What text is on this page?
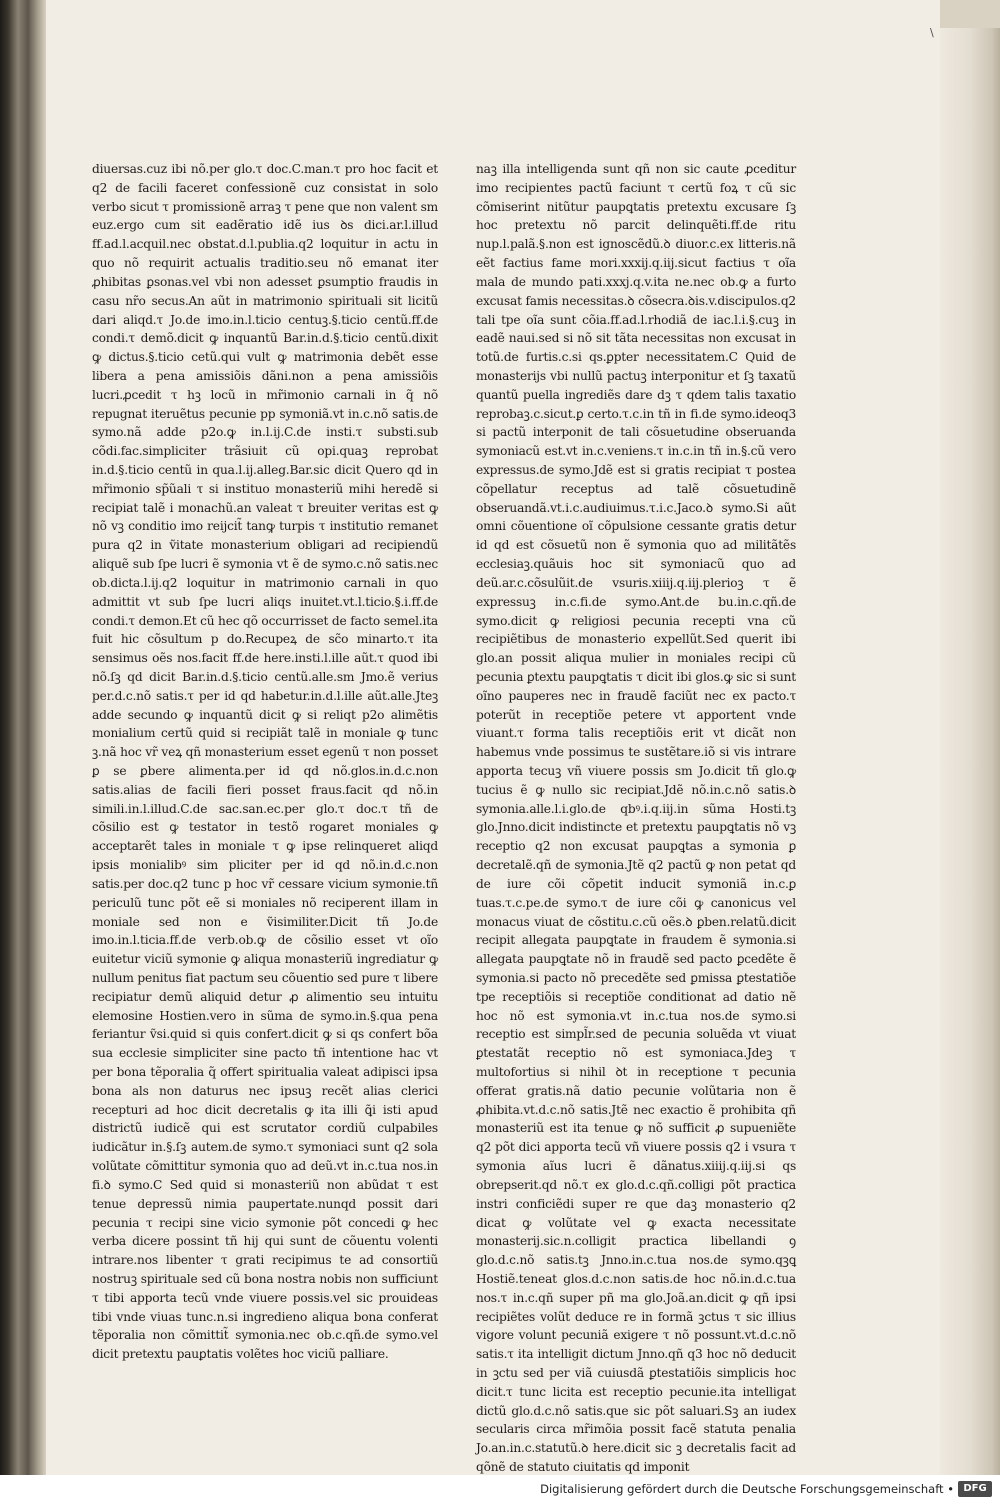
\

diuersas.cuz ibi nõ.per glo.τ doc.C.man.τ pro hoc facit et q2 de facili faceret confessionẽ cuz consistat in solo verbo sicut τ promissionẽ arraꝫ τ pene que non valent sm euz.ergo cum sit eadẽratio idẽ ius ꝺs dici.ar.l.illud ff.ad.l.acquil.nec obstat.d.l.publia.q2 loquitur in actu in quo nõ requirit actualis traditio.seu nõ emanat iter ꝓhibitas ꝑsonas.vel vbi non adesset ꝑsumptio fraudis in casu nr̃o secus.An aũt in matrimonio spirituali sit licitũ dari aliqd.τ Jo.de imo.in.l.ticio centuꝫ.§.ticio centũ.ff.de condi.τ demõ.dicit ꝙ inquantũ Bar.in.d.§.ticio centũ.dixit ꝙ dictus.§.ticio cetũ.qui vult ꝙ matrimonia debẽt esse libera a pena amissiõis dãni.non a pena amissiõis lucri.ꝓcedit τ hꝫ locũ in mr̃imonio carnali in q̃ nõ repugnat iteruẽtus pecunie pp symoniã.vt in.c.nõ satis.de symo.nã adde p2o.ꝙ in.l.ij.C.de insti.τ substi.sub cõdi.fac.simpliciter trãsiuit cũ opi.quaꝫ reprobat in.d.§.ticio centũ in qua.l.ij.alleg.Bar.sic dicit Quero qd in mr̃imonio sp̃ũali τ si instituo monasteriũ mihi heredẽ si recipiat talẽ i monachũ.an valeat τ breuiter veritas est ꝙ nõ vꝫ conditio imo reijcit̃ tanꝙ turpis τ institutio remanet pura q2 in ṽitate monasterium obligari ad recipiendũ aliquẽ sub ſpe lucri ẽ symonia vt ẽ de symo.c.nõ satis.nec ob.dicta.l.ij.q2 loquitur in matrimonio carnali in quo admittit vt sub ſpe lucri aliqs inuitet.vt.l.ticio.§.i.ff.de condi.τ demon.Et cũ hec qõ occurrisset de facto semel.ita fuit hic cõsultum p do.Recupeꝝ de sc̃o minarto.τ ita sensimus oẽs nos.facit ff.de here.insti.l.ille aũt.τ quod ibi nõ.ſꝫ qd dicit Bar.in.d.§.ticio centũ.alle.sm Jmo.ẽ verius per.d.c.nõ satis.τ per id qd habetur.in.d.l.ille aũt.alle.Jteꝫ adde secundo ꝙ inquantũ dicit ꝙ si reliqt p2o alimẽtis monialium certũ quid si recipiãt talẽ in moniale ꝙ tunc ꝫ.nã hoc vr̃ veꝝ qñ monasterium esset egenũ τ non posset ꝑ se ꝑbere alimenta.per id qd nõ.glos.in.d.c.non satis.alias de facili fieri posset fraus.facit qd nõ.in simili.in.l.illud.C.de sac.san.ec.per glo.τ doc.τ tñ de cõsilio est ꝙ testator in testõ rogaret moniales ꝙ acceptarẽt tales in moniale τ ꝙ ipse relinqueret aliqd ipsis monialibꝰ sim pliciter per id qd nõ.in.d.c.non satis.per doc.q2 tunc p hoc vr̃ cessare vicium symonie.tñ periculũ tunc põt eẽ si moniales nõ reciperent illam in moniale sed non e ṽisimiliter.Dicit tñ Jo.de imo.in.l.ticia.ff.de verb.ob.ꝙ de cõsilio esset vt oĩo euitetur viciũ symonie ꝙ aliqua monasteriũ ingrediatur ꝙ nullum penitus fiat pactum seu cõuentio sed pure τ libere recipiatur demũ aliquid detur ꝓ alimentio seu intuitu elemosine Hostien.vero in sũma de symo.in.§.qua pena feriantur ṽsi.quid si quis confert.dicit ꝙ si qs confert bõa sua ecclesie simpliciter sine pacto tñ intentione hac vt per bona tẽporalia q̃ offert spiritualia valeat adipisci ipsa bona als non daturus nec ipsuꝫ recẽt alias clerici recepturi ad hoc dicit decretalis ꝙ ita illi ꝗ̃i isti apud districtũ iudicẽ qui est scrutator cordiũ culpabiles iudicãtur in.§.ſꝫ autem.de symo.τ symoniaci sunt q2 sola volũtate cõmittitur symonia quo ad deũ.vt in.c.tua nos.in fi.ꝺ symo.C Sed quid si monasteriũ non abũdat τ est tenue depressũ nimia paupertate.nunqd possit dari pecunia τ recipi sine vicio symonie põt concedi ꝙ hec verba dicere possint tñ hij qui sunt de cõuentu volenti intrare.nos libenter τ grati recipimus te ad consortiũ nostruꝫ spirituale sed cũ bona nostra nobis non sufficiunt τ tibi apporta tecũ vnde viuere possis.vel sic prouideas tibi vnde viuas tunc.n.si ingredieno aliqua bona conferat tẽporalia non cõmittit̃ symonia.nec ob.c.qñ.de symo.vel dicit pretextu pauꝑtatis volẽtes hoc viciũ palliare.

naꝫ illa intelligenda sunt qñ non sic caute ꝓceditur imo recipientes pactũ faciunt τ certũ foꝝ τ cũ sic cõmiserint nitũtur paupꝗtatis pretextu excusare ſꝫ hoc pretextu nõ parcit delinquẽti.ff.de ritu nup.l.palã.§.non est ignoscẽdũ.ꝺ diuor.c.ex litteris.nã eẽt factius fame mori.xxxij.q.iij.sicut factius τ oĩa mala de mundo pati.xxxj.q.v.ita ne.nec ob.ꝙ a furto excusat famis necessitas.ꝺ cõsecra.ꝺis.v.discipulos.q2 tali tpe oĩa sunt cõia.ff.ad.l.rhodiã de iac.l.i.§.cuꝫ in eadẽ naui.sed si nõ sit tãta necessitas non excusat in totũ.de furtis.c.si qs.ꝑpter necessitatem.C Quid de monasterijs vbi nullũ pactuꝫ interponitur et ſꝫ taxatũ quantũ puella ingrediẽs dare dꝫ τ qdem talis taxatio reprobaꝫ.c.sicut.ꝑ certo.τ.c.in tñ in fi.de symo.ideoq3 si pactũ interponit de tali cõsuetudine obseruanda symoniacũ est.vt in.c.veniens.τ in.c.in tñ in.§.cũ vero expressus.de symo.Jdẽ est si gratis recipiat τ postea cõpellatur receptus ad talẽ cõsuetudinẽ obseruandã.vt.i.c.audiuimus.τ.i.c.Jaco.ꝺ symo.Si aũt omni cõuentione oĩ cõpulsione cessante gratis detur id qd est cõsuetũ non ẽ symonia quo ad militãtẽs ecclesiaꝫ.quãuis hoc sit symoniacũ quo ad deũ.ar.c.cõsulũit.de vsuris.xiiij.q.iij.plerioꝫ τ ẽ expressuꝫ in.c.fi.de symo.Ant.de bu.in.c.qñ.de symo.dicit ꝙ religiosi pecunia recepti vna cũ recipiẽtibus de monasterio expellũt.Sed querit ibi glo.an possit aliqua mulier in moniales recipi cũ pecunia ꝑtextu paupꝗtatis τ dicit ibi glos.ꝙ sic si sunt oĩno pauperes nec in fraudẽ faciũt nec ex pacto.τ poterũt in receptiõe petere vt apportent vnde viuant.τ forma talis receptiõis erit vt dicãt non habemus vnde possimus te sustẽtare.iõ si vis intrare apporta tecuꝫ vñ viuere possis sm Jo.dicit tñ glo.ꝙ tucius ẽ ꝙ nullo sic recipiat.Jdẽ nõ.in.c.nõ satis.ꝺ symonia.alle.l.i.glo.de qbꝰ.i.q.iij.in sũma Hosti.tꝫ glo.Jnno.dicit indistincte et pretextu paupꝗtatis nõ vꝫ receptio q2 non excusat paupꝗtas a symonia ꝑ decretalẽ.qñ de symonia.Jtẽ q2 pactũ ꝙ non petat qd de iure cõi cõpetit inducit symoniã in.c.ꝑ tuas.τ.c.pe.de symo.τ de iure cõi ꝙ canonicus vel monacus viuat de cõstitu.c.cũ oẽs.ꝺ ꝑben.relatũ.dicit recipit allegata paupꝗtate in fraudem ẽ symonia.si allegata paupꝗtate nõ in fraudẽ sed pacto ꝑcedẽte ẽ symonia.si pacto nõ precedẽte sed ꝑmissa ꝑtestatiõe tpe receptiõis si receptiõe conditionat ad datio nẽ hoc nõ est symonia.vt in.c.tua nos.de symo.si receptio est simpl̃r.sed de pecunia soluẽda vt viuat ꝑtestatãt receptio nõ est symoniaca.Jdeꝫ τ multofortius si nihil ꝺt in receptione τ pecunia offerat gratis.nã datio pecunie volũtaria non ẽ ꝓhibita.vt.d.c.nõ satis.Jtẽ nec exactio ẽ prohibita qñ monasteriũ est ita tenue ꝙ nõ sufficit ꝓ supueniẽte q2 põt dici apporta tecũ vñ viuere possis q2 i vsura τ symonia aĩus lucri ẽ dãnatus.xiiij.q.iij.si qs obrepserit.qd nõ.τ ex glo.d.c.qñ.colligi põt practica instri conficiẽdi super re que daꝫ monasterio q2 dicat ꝙ volũtate vel ꝙ exacta necessitate monasterij.sic.n.colligit practica libellandi ꝯ glo.d.c.nõ satis.tꝫ Jnno.in.c.tua nos.de symo.qꝫꝗ Hostiẽ.teneat glos.d.c.non satis.de hoc nõ.in.d.c.tua nos.τ in.c.qñ super pñ ma glo.Joã.an.dicit ꝙ qñ ipsi recipiẽtes volũt deduce re in formã ꝫctus τ sic illius vigore volunt pecuniã exigere τ nõ possunt.vt.d.c.nõ satis.τ ita intelligit dictum Jnno.qñ q3 hoc nõ deducit in ꝫctu sed per viã cuiusdã ꝑtestatiõis simplicis hoc dicit.τ tunc licita est receptio pecunie.ita intelligat dictũ glo.d.c.nõ satis.que sic põt saluari.Sꝫ an iudex secularis circa mr̃imõia possit facẽ statuta penalia Jo.an.in.c.statutũ.ꝺ here.dicit sic ꝫ decretalis facit ad qõnẽ de statuto ciuitatis qd imponit

Digitalisierung gefördert durch die Deutsche Forschungsgemeinschaft • DFG
